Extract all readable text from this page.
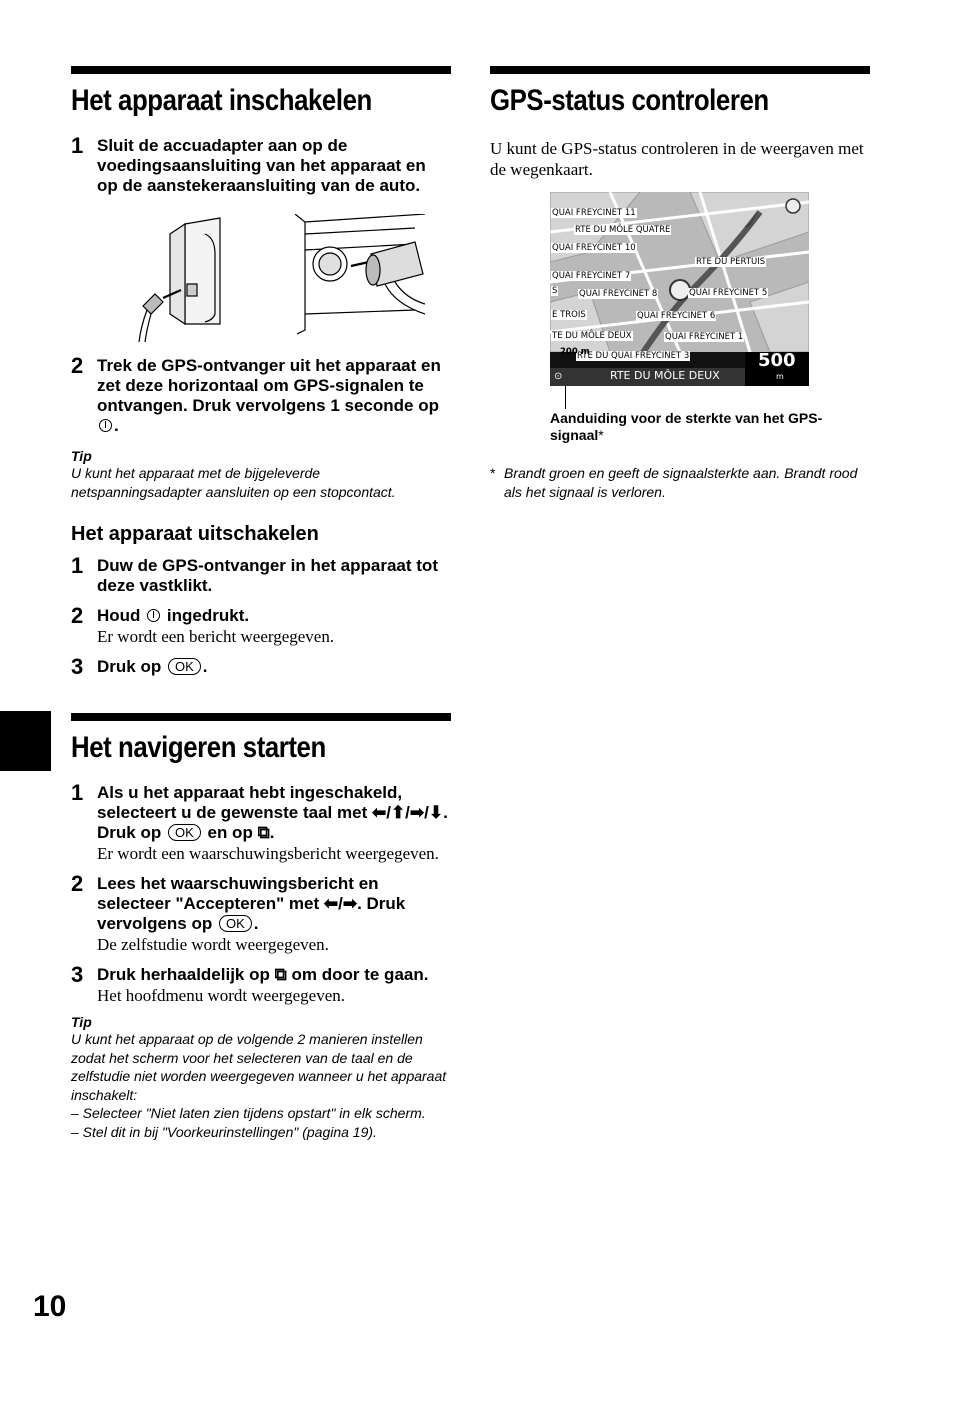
10
Het apparaat inschakelen
1 Sluit de accuadapter aan op de voedingsaansluiting van het apparaat en op de aanstekeraansluiting van de auto.
2 Trek de GPS-ontvanger uit het apparaat en zet deze horizontaal om GPS-signalen te ontvangen. Druk vervolgens 1 seconde op .
Tip
U kunt het apparaat met de bijgeleverde netspanningsadapter aansluiten op een stopcontact.
Het apparaat uitschakelen
1 Duw de GPS-ontvanger in het apparaat tot deze vastklikt.
2 Houd ingedrukt.
Er wordt een bericht weergegeven.
3 Druk op OK .
Het navigeren starten
1 Als u het apparaat hebt ingeschakeld, selecteert u de gewenste taal met ⬅/⬆/➡/⬇. Druk op OK en op ⧉.
Er wordt een waarschuwingsbericht weergegeven.
2 Lees het waarschuwingsbericht en selecteer "Accepteren" met ⬅/➡. Druk vervolgens op OK .
De zelfstudie wordt weergegeven.
3 Druk herhaaldelijk op ⧉ om door te gaan.
Het hoofdmenu wordt weergegeven.
Tip
U kunt het apparaat op de volgende 2 manieren instellen zodat het scherm voor het selecteren van de taal en de zelfstudie niet worden weergegeven wanneer u het apparaat inschakelt:
– Selecteer "Niet laten zien tijdens opstart" in elk scherm.
– Stel dit in bij "Voorkeurinstellingen" (pagina 19).
GPS-status controleren
U kunt de GPS-status controleren in de weergaven met de wegenkaart.
QUAI FREYCINET 11
RTE DU MÔLE QUATRE
QUAI FREYCINET 10
RTE DU PERTUIS
QUAI FREYCINET 7
S	QUAI FREYCINET 8	QUAI FREYCINET 5
E TROIS	QUAI FREYCINET 6
TE DU MÔLE DEUX	QUAI FREYCINET 1
RTE DU QUAI FREYCINET 3
200 m
RTE DU MÔLE DEUX
500
m
⊙
Aanduiding voor de sterkte van het GPS-signaal*
* Brandt groen en geeft de signaalsterkte aan. Brandt rood als het signaal is verloren.
